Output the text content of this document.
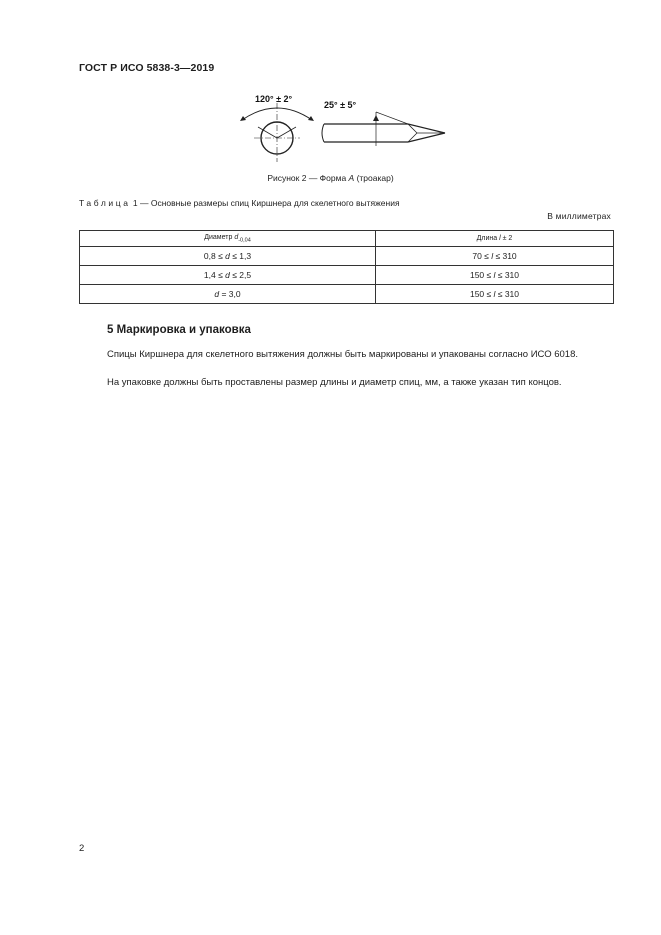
ГОСТ Р ИСО 5838-3—2019
120° ± 2°
25° ± 5°
Рисунок 2 — Форма А (троакар)
Таблица 1 — Основные размеры спиц Киршнера для скелетного вытяжения
В миллиметрах
Диаметр $d_{-0,04}$	Длина l ± 2
0,8 ≤ d ≤ 1,3	70 ≤ l ≤ 310
1,4 ≤ d ≤ 2,5	150 ≤ l ≤ 310
d = 3,0	150 ≤ l ≤ 310
5 Маркировка и упаковка
Спицы Киршнера для скелетного вытяжения должны быть маркированы и упакованы согласно ИСО 6018.
На упаковке должны быть проставлены размер длины и диаметр спиц, мм, а также указан тип концов.
2
